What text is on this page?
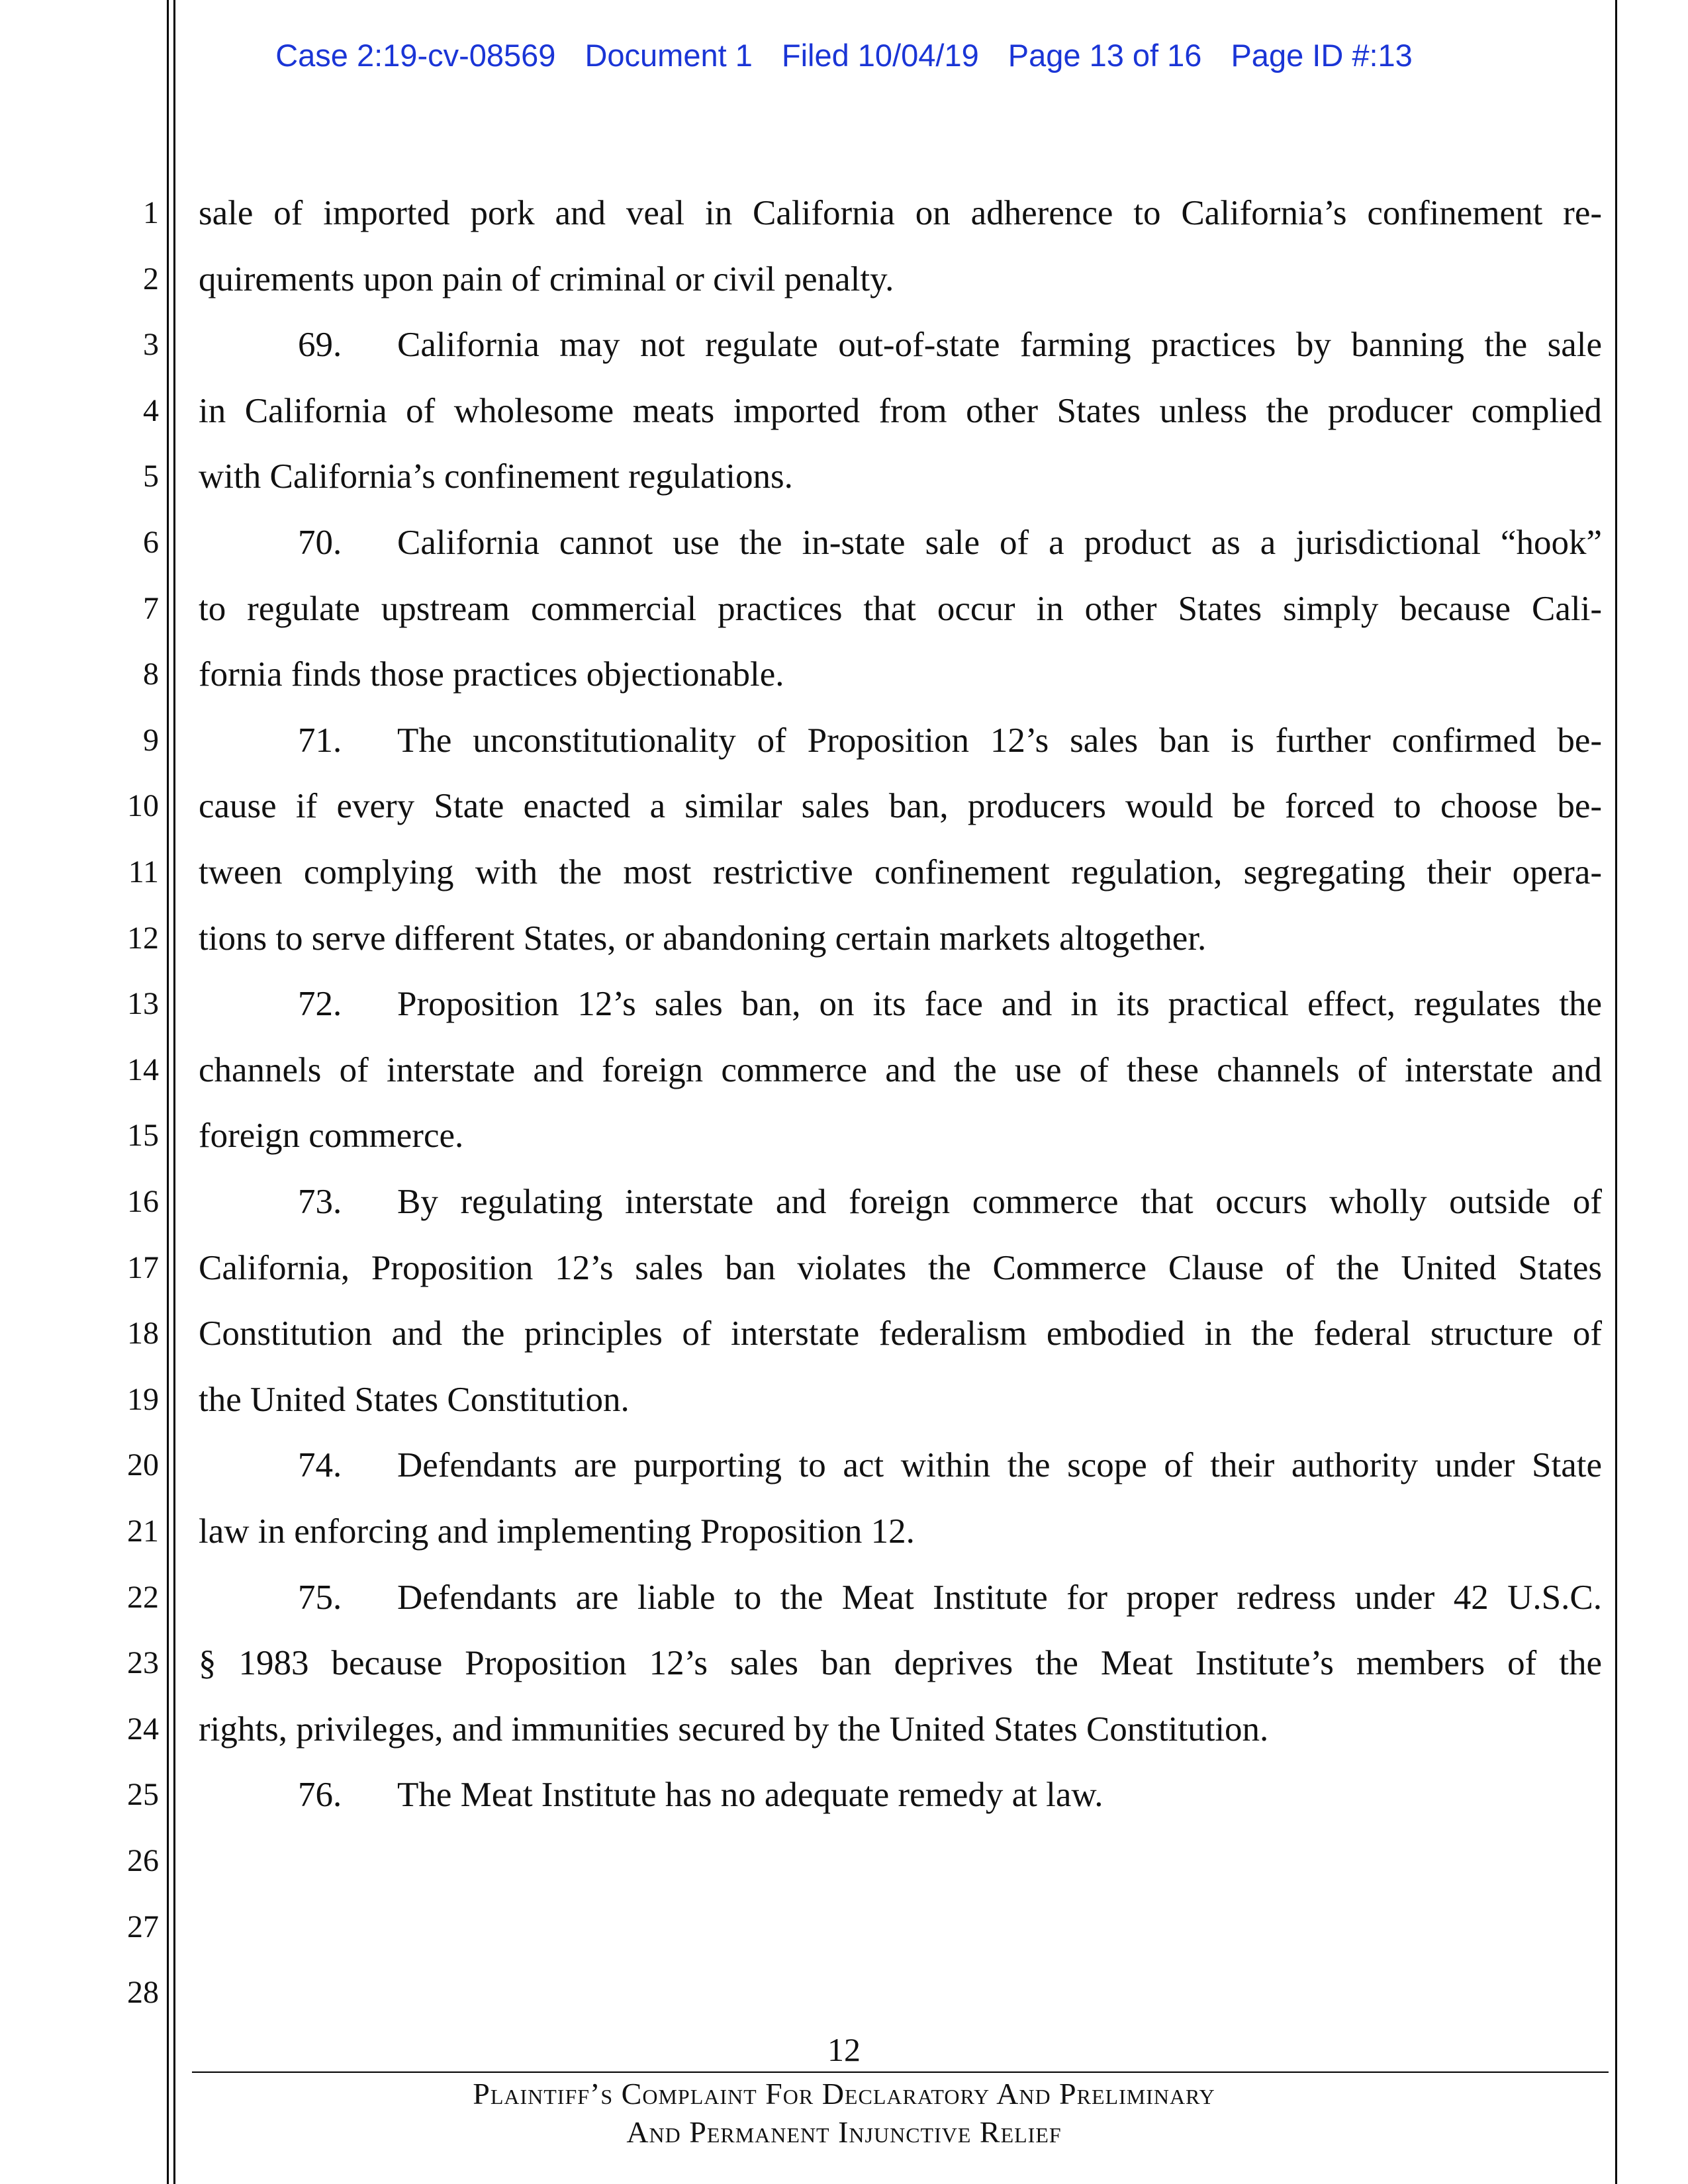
Case 2:19-cv-08569 Document 1 Filed 10/04/19 Page 13 of 16 Page ID #:13
1
2
3
4
5
6
7
8
9
10
11
12
13
14
15
16
17
18
19
20
21
22
23
24
25
26
27
28
sale of imported pork and veal in California on adherence to California’s confinement re-
quirements upon pain of criminal or civil penalty.
69. California may not regulate out-of-state farming practices by banning the sale
in California of wholesome meats imported from other States unless the producer complied
with California’s confinement regulations.
70. California cannot use the in-state sale of a product as a jurisdictional “hook”
to regulate upstream commercial practices that occur in other States simply because Cali-
fornia finds those practices objectionable.
71. The unconstitutionality of Proposition 12’s sales ban is further confirmed be-
cause if every State enacted a similar sales ban, producers would be forced to choose be-
tween complying with the most restrictive confinement regulation, segregating their opera-
tions to serve different States, or abandoning certain markets altogether.
72. Proposition 12’s sales ban, on its face and in its practical effect, regulates the
channels of interstate and foreign commerce and the use of these channels of interstate and
foreign commerce.
73. By regulating interstate and foreign commerce that occurs wholly outside of
California, Proposition 12’s sales ban violates the Commerce Clause of the United States
Constitution and the principles of interstate federalism embodied in the federal structure of
the United States Constitution.
74. Defendants are purporting to act within the scope of their authority under State
law in enforcing and implementing Proposition 12.
75. Defendants are liable to the Meat Institute for proper redress under 42 U.S.C.
§ 1983 because Proposition 12’s sales ban deprives the Meat Institute’s members of the
rights, privileges, and immunities secured by the United States Constitution.
76. The Meat Institute has no adequate remedy at law.
12
Plaintiff’s Complaint For Declaratory And Preliminary
And Permanent Injunctive Relief
